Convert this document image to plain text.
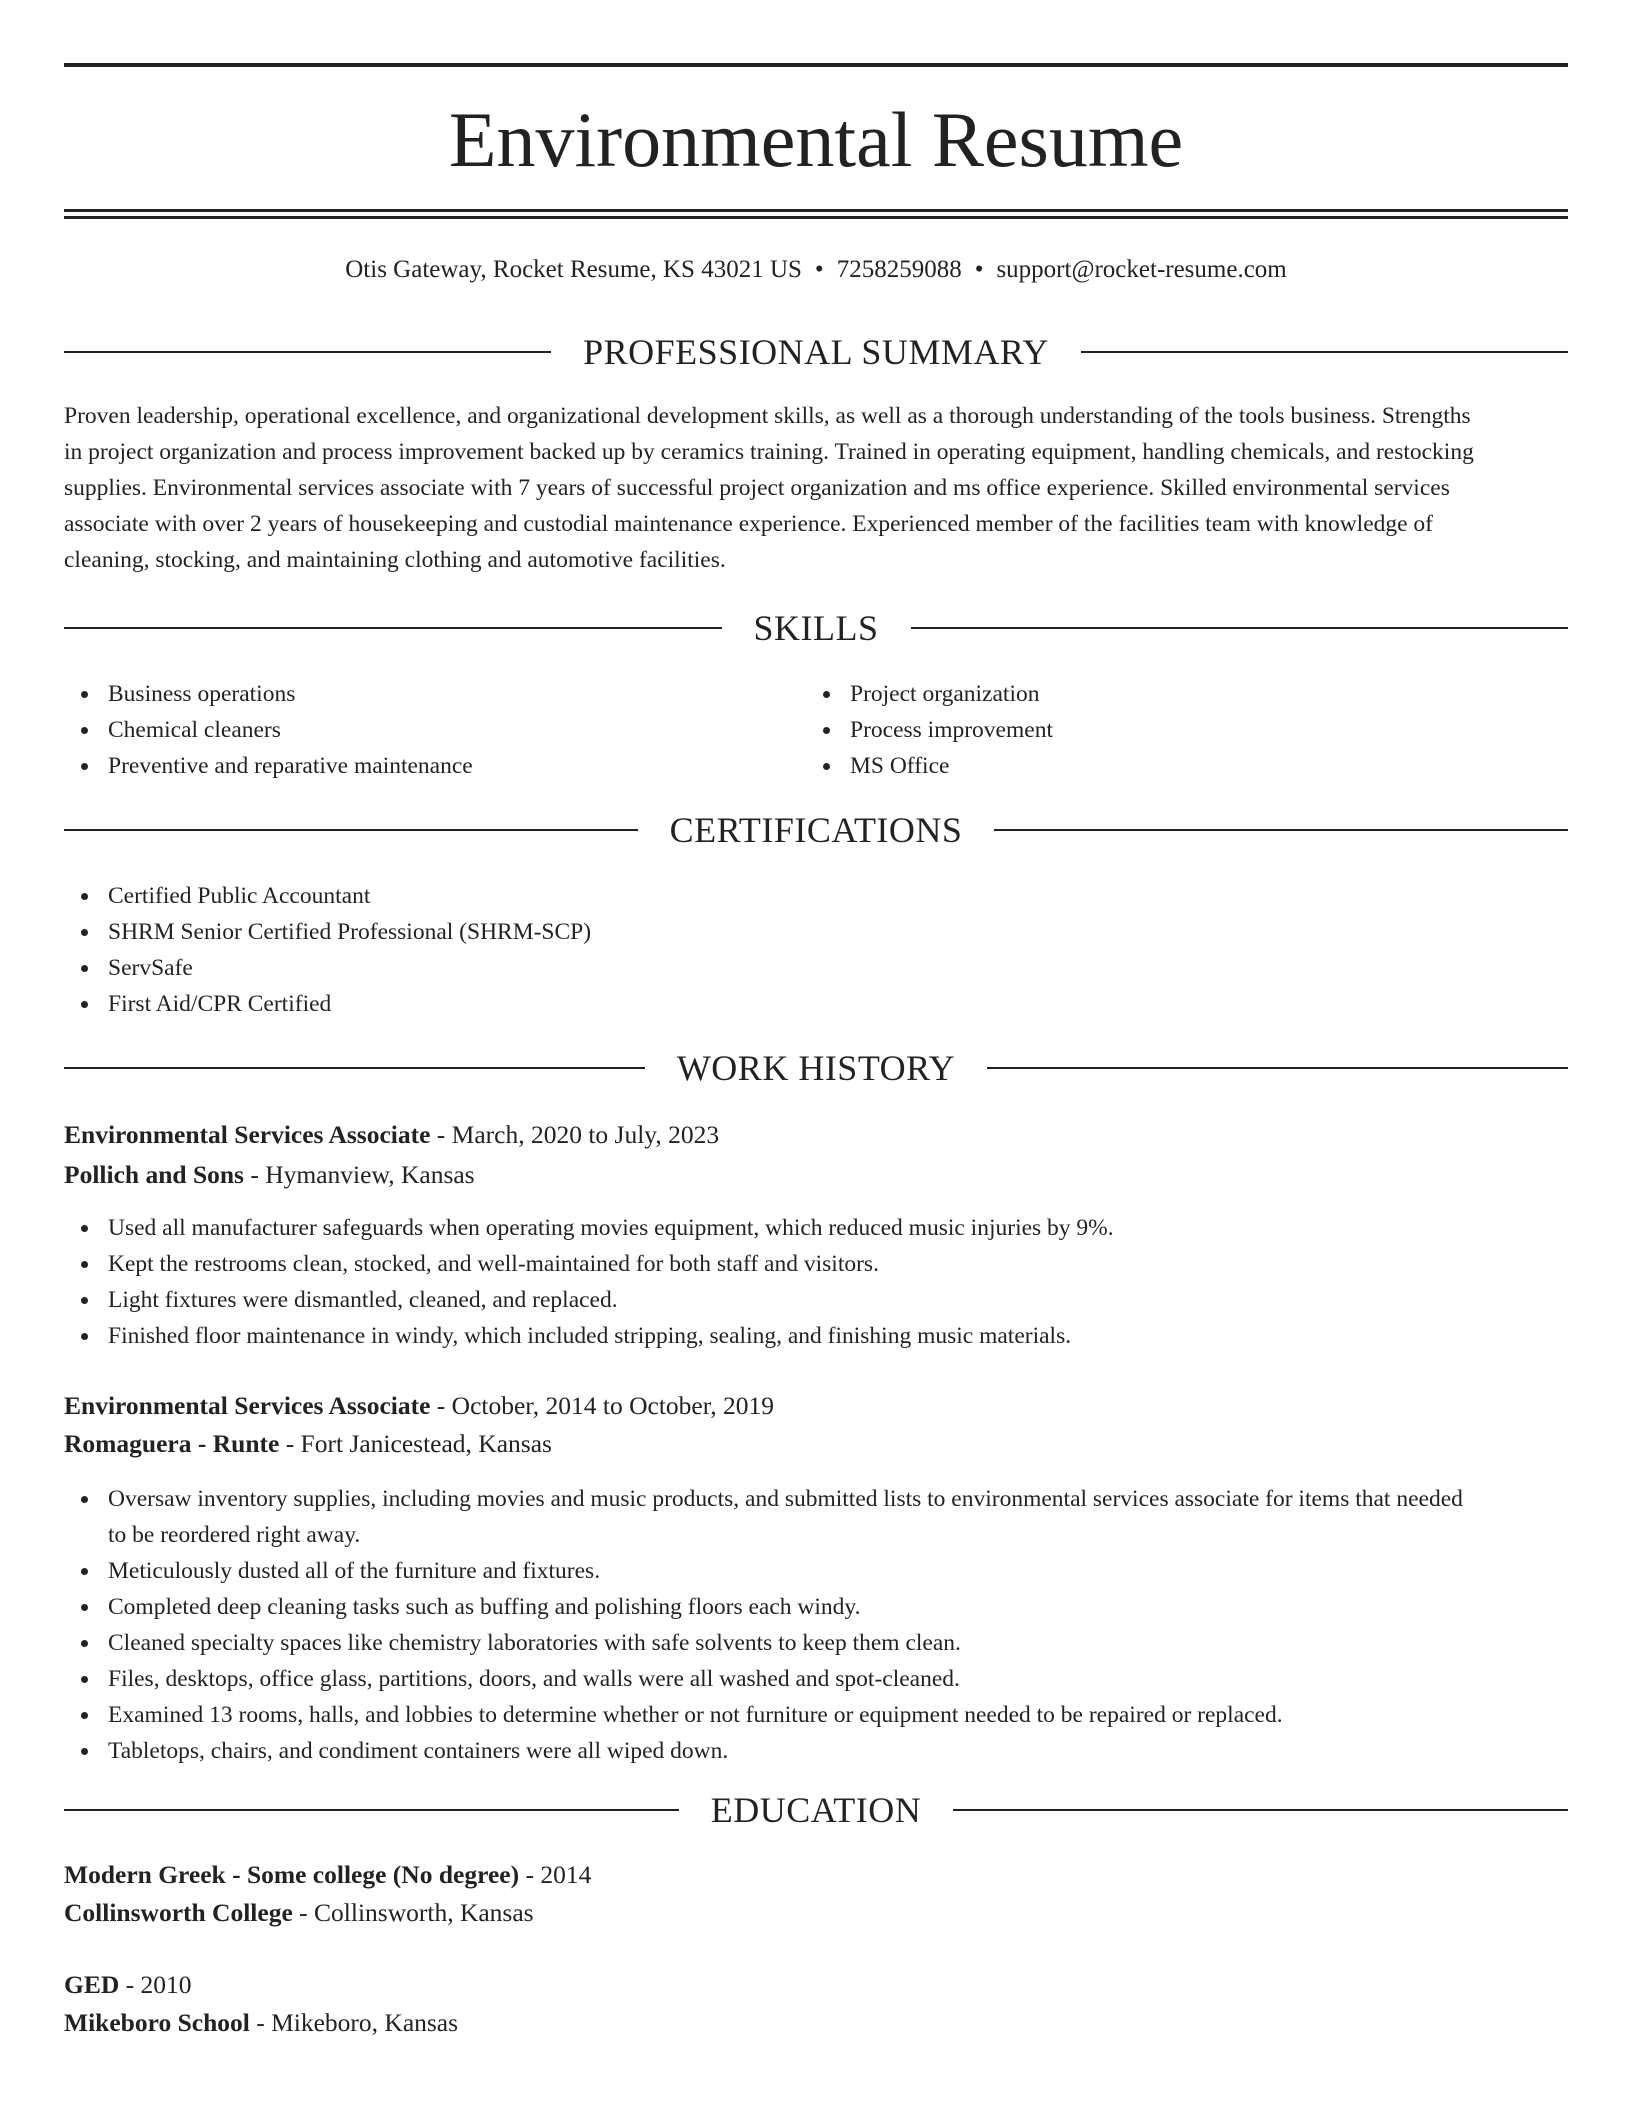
Environmental Resume
Otis Gateway, Rocket Resume, KS 43021 US • 7258259088 • support@rocket-resume.com
PROFESSIONAL SUMMARY
Proven leadership, operational excellence, and organizational development skills, as well as a thorough understanding of the tools business. Strengths
in project organization and process improvement backed up by ceramics training. Trained in operating equipment, handling chemicals, and restocking
supplies. Environmental services associate with 7 years of successful project organization and ms office experience. Skilled environmental services
associate with over 2 years of housekeeping and custodial maintenance experience. Experienced member of the facilities team with knowledge of
cleaning, stocking, and maintaining clothing and automotive facilities.
SKILLS
Business operations
Chemical cleaners
Preventive and reparative maintenance
Project organization
Process improvement
MS Office
CERTIFICATIONS
Certified Public Accountant
SHRM Senior Certified Professional (SHRM-SCP)
ServSafe
First Aid/CPR Certified
WORK HISTORY
Environmental Services Associate - March, 2020 to July, 2023
Pollich and Sons - Hymanview, Kansas
Used all manufacturer safeguards when operating movies equipment, which reduced music injuries by 9%.
Kept the restrooms clean, stocked, and well-maintained for both staff and visitors.
Light fixtures were dismantled, cleaned, and replaced.
Finished floor maintenance in windy, which included stripping, sealing, and finishing music materials.
Environmental Services Associate - October, 2014 to October, 2019
Romaguera - Runte - Fort Janicestead, Kansas
Oversaw inventory supplies, including movies and music products, and submitted lists to environmental services associate for items that needed
to be reordered right away.
Meticulously dusted all of the furniture and fixtures.
Completed deep cleaning tasks such as buffing and polishing floors each windy.
Cleaned specialty spaces like chemistry laboratories with safe solvents to keep them clean.
Files, desktops, office glass, partitions, doors, and walls were all washed and spot-cleaned.
Examined 13 rooms, halls, and lobbies to determine whether or not furniture or equipment needed to be repaired or replaced.
Tabletops, chairs, and condiment containers were all wiped down.
EDUCATION
Modern Greek - Some college (No degree) - 2014
Collinsworth College - Collinsworth, Kansas
GED - 2010
Mikeboro School - Mikeboro, Kansas
